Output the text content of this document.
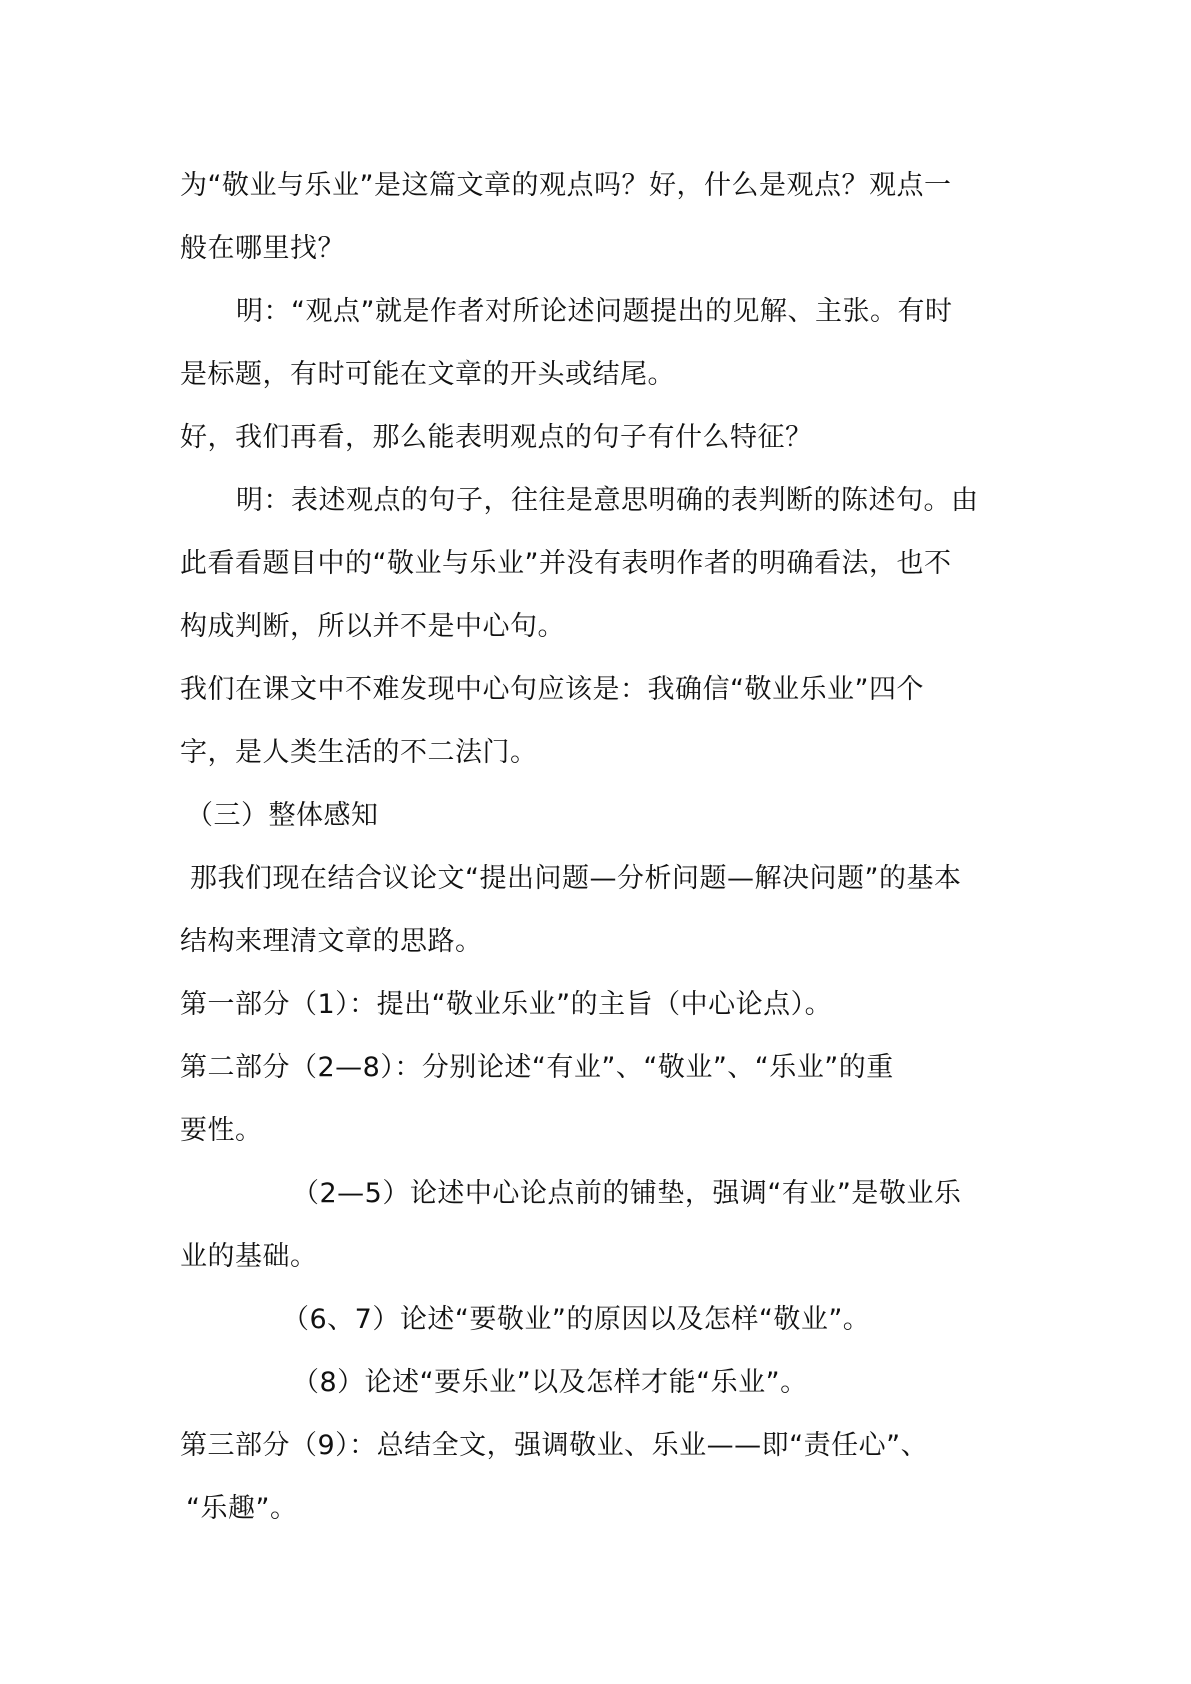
为“敬业与乐业”是这篇文章的观点吗？好，什么是观点？观点一
般在哪里找？
明：“观点”就是作者对所论述问题提出的见解、主张。有时
是标题，有时可能在文章的开头或结尾。
好，我们再看，那么能表明观点的句子有什么特征？
明：表述观点的句子，往往是意思明确的表判断的陈述句。由
此看看题目中的“敬业与乐业”并没有表明作者的明确看法，也不
构成判断，所以并不是中心句。
我们在课文中不难发现中心句应该是：我确信“敬业乐业”四个
字，是人类生活的不二法门。
（三）整体感知
那我们现在结合议论文“提出问题—分析问题—解决问题”的基本
结构来理清文章的思路。
第一部分（1）：提出“敬业乐业”的主旨（中心论点）。
第二部分（2—8）：分别论述“有业”、“敬业”、“乐业”的重
要性。
（2—5）论述中心论点前的铺垫，强调“有业”是敬业乐
业的基础。
（6、7）论述“要敬业”的原因以及怎样“敬业”。
（8）论述“要乐业”以及怎样才能“乐业”。
第三部分（9）：总结全文，强调敬业、乐业——即“责任心”、
“乐趣”。
